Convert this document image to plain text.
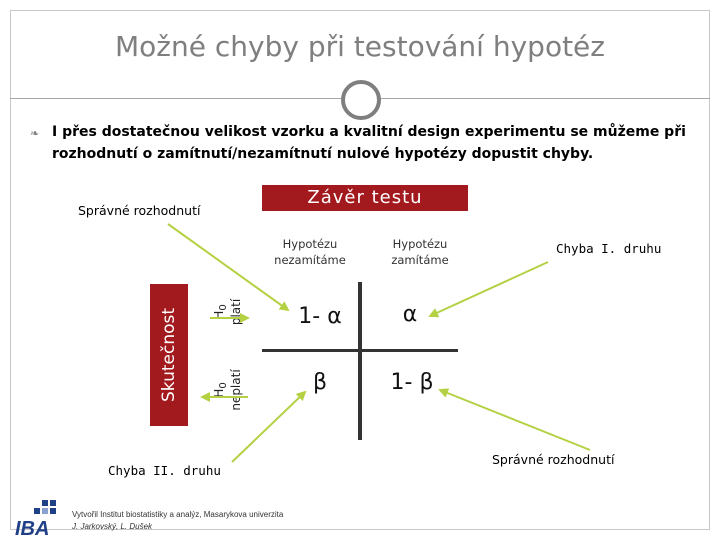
Možné chyby při testování hypotéz
❧ I přes dostatečnou velikost vzorku a kvalitní design experimentu se můžeme při rozhodnutí o zamítnutí/nezamítnutí nulové hypotézy dopustit chyby.
Správné rozhodnutí
Závěr testu
Hypotézu
nezamítáme
Hypotézu
zamítáme
Chyba I. druhu
Skutečnost	$H_0$ platí
$H_0$ neplatí
1- α	α
β	1- β
Správné rozhodnutí
Chyba II. druhu
IBA
Vytvořil Institut biostatistiky a analýz, Masarykova univerzita
J. Jarkovský, L. Dušek
